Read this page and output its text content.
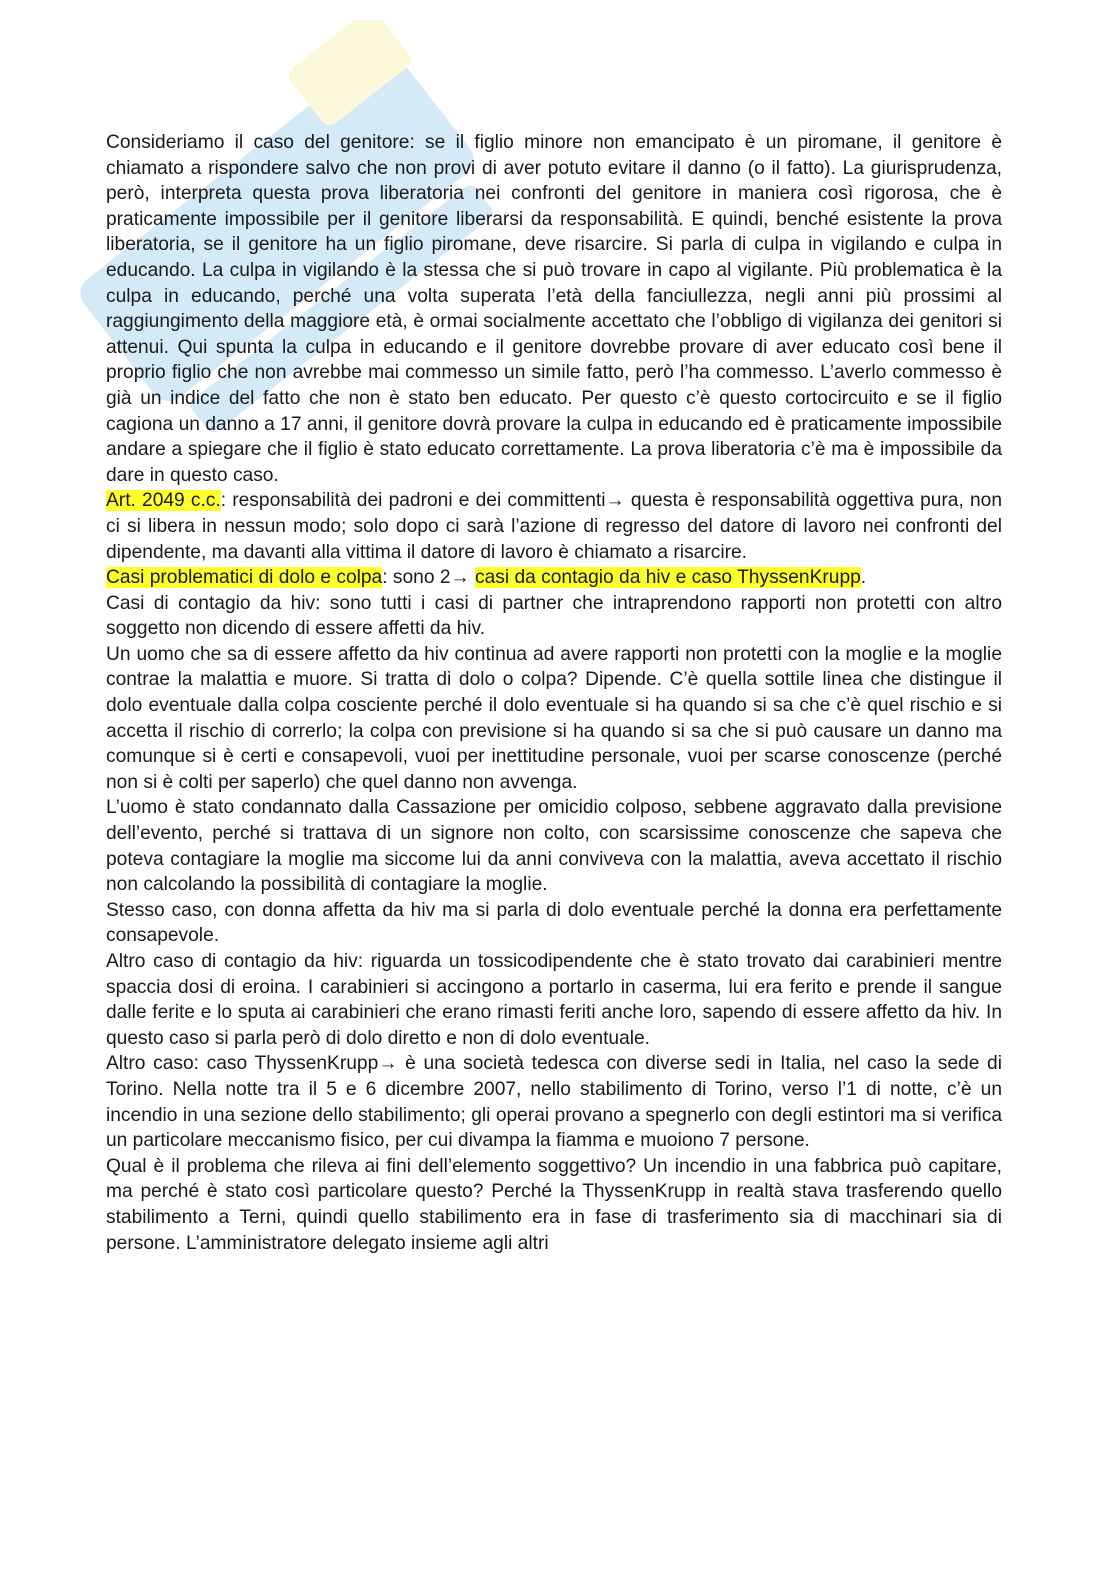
Consideriamo il caso del genitore: se il figlio minore non emancipato è un piromane, il genitore è chiamato a rispondere salvo che non provi di aver potuto evitare il danno (o il fatto). La giurisprudenza, però, interpreta questa prova liberatoria nei confronti del genitore in maniera così rigorosa, che è praticamente impossibile per il genitore liberarsi da responsabilità. E quindi, benché esistente la prova liberatoria, se il genitore ha un figlio piromane, deve risarcire. Si parla di culpa in vigilando e culpa in educando. La culpa in vigilando è la stessa che si può trovare in capo al vigilante. Più problematica è la culpa in educando, perché una volta superata l’età della fanciullezza, negli anni più prossimi al raggiungimento della maggiore età, è ormai socialmente accettato che l’obbligo di vigilanza dei genitori si attenui. Qui spunta la culpa in educando e il genitore dovrebbe provare di aver educato così bene il proprio figlio che non avrebbe mai commesso un simile fatto, però l’ha commesso. L’averlo commesso è già un indice del fatto che non è stato ben educato. Per questo c’è questo cortocircuito e se il figlio cagiona un danno a 17 anni, il genitore dovrà provare la culpa in educando ed è praticamente impossibile andare a spiegare che il figlio è stato educato correttamente. La prova liberatoria c’è ma è impossibile da dare in questo caso.

Art. 2049 c.c.: responsabilità dei padroni e dei committenti→ questa è responsabilità oggettiva pura, non ci si libera in nessun modo; solo dopo ci sarà l’azione di regresso del datore di lavoro nei confronti del dipendente, ma davanti alla vittima il datore di lavoro è chiamato a risarcire.

Casi problematici di dolo e colpa: sono 2→ casi da contagio da hiv e caso ThyssenKrupp.

Casi di contagio da hiv: sono tutti i casi di partner che intraprendono rapporti non protetti con altro soggetto non dicendo di essere affetti da hiv.

Un uomo che sa di essere affetto da hiv continua ad avere rapporti non protetti con la moglie e la moglie contrae la malattia e muore. Si tratta di dolo o colpa? Dipende. C’è quella sottile linea che distingue il dolo eventuale dalla colpa cosciente perché il dolo eventuale si ha quando si sa che c’è quel rischio e si accetta il rischio di correrlo; la colpa con previsione si ha quando si sa che si può causare un danno ma comunque si è certi e consapevoli, vuoi per inettitudine personale, vuoi per scarse conoscenze (perché non si è colti per saperlo) che quel danno non avvenga.

L’uomo è stato condannato dalla Cassazione per omicidio colposo, sebbene aggravato dalla previsione dell’evento, perché si trattava di un signore non colto, con scarsissime conoscenze che sapeva che poteva contagiare la moglie ma siccome lui da anni conviveva con la malattia, aveva accettato il rischio non calcolando la possibilità di contagiare la moglie.

Stesso caso, con donna affetta da hiv ma si parla di dolo eventuale perché la donna era perfettamente consapevole.

Altro caso di contagio da hiv: riguarda un tossicodipendente che è stato trovato dai carabinieri mentre spaccia dosi di eroina. I carabinieri si accingono a portarlo in caserma, lui era ferito e prende il sangue dalle ferite e lo sputa ai carabinieri che erano rimasti feriti anche loro, sapendo di essere affetto da hiv. In questo caso si parla però di dolo diretto e non di dolo eventuale.

Altro caso: caso ThyssenKrupp→ è una società tedesca con diverse sedi in Italia, nel caso la sede di Torino. Nella notte tra il 5 e 6 dicembre 2007, nello stabilimento di Torino, verso l’1 di notte, c’è un incendio in una sezione dello stabilimento; gli operai provano a spegnerlo con degli estintori ma si verifica un particolare meccanismo fisico, per cui divampa la fiamma e muoiono 7 persone.

Qual è il problema che rileva ai fini dell’elemento soggettivo? Un incendio in una fabbrica può capitare, ma perché è stato così particolare questo? Perché la ThyssenKrupp in realtà stava trasferendo quello stabilimento a Terni, quindi quello stabilimento era in fase di trasferimento sia di macchinari sia di persone. L’amministratore delegato insieme agli altri
